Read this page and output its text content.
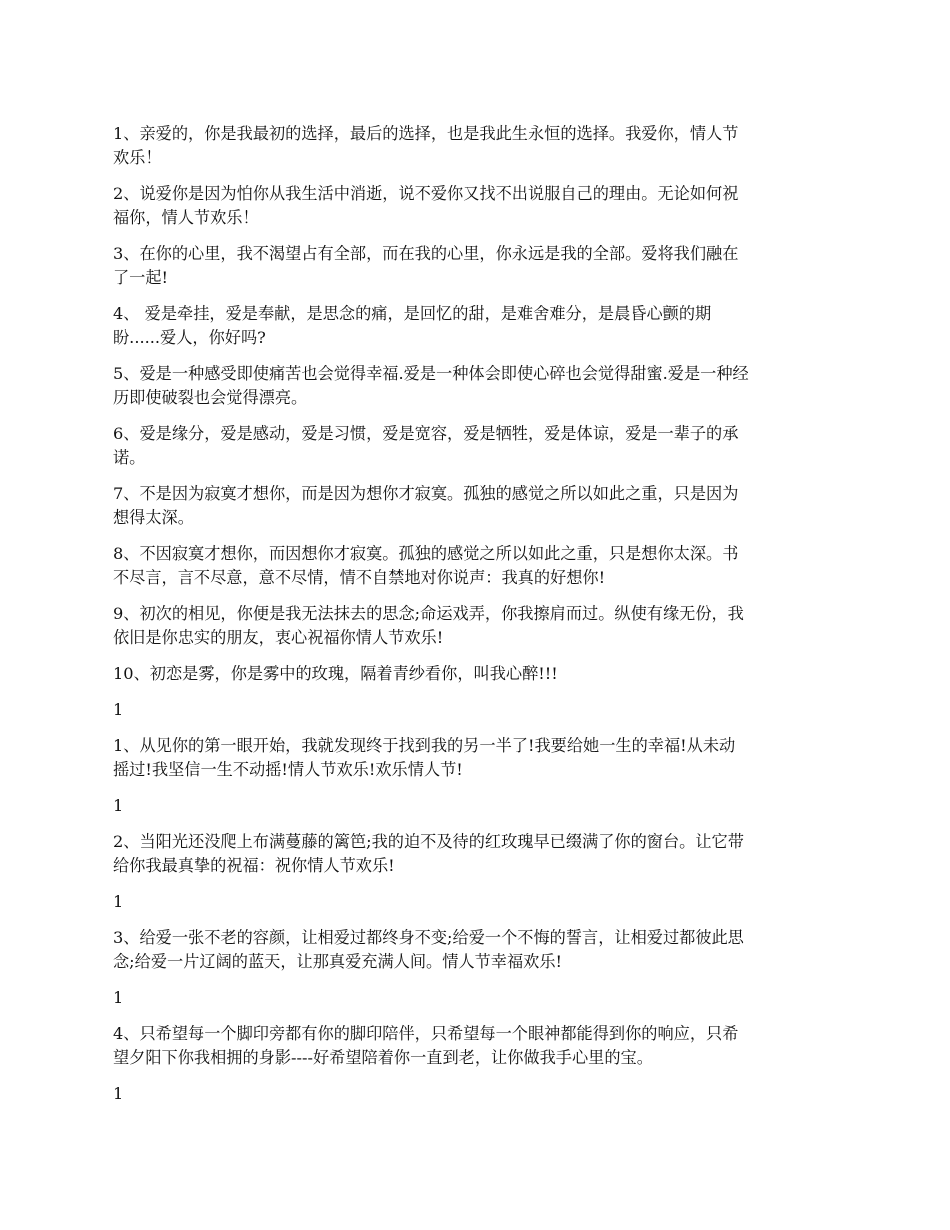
1、亲爱的，你是我最初的选择，最后的选择，也是我此生永恒的选择。我爱你，情人节
欢乐！

2、说爱你是因为怕你从我生活中消逝，说不爱你又找不出说服自己的理由。无论如何祝
福你，情人节欢乐！

3、在你的心里，我不渴望占有全部，而在我的心里，你永远是我的全部。爱将我们融在
了一起!

4、 爱是牵挂，爱是奉献，是思念的痛，是回忆的甜，是难舍难分，是晨昏心颤的期
盼......爱人，你好吗?

5、爱是一种感受即使痛苦也会觉得幸福.爱是一种体会即使心碎也会觉得甜蜜.爱是一种经
历即使破裂也会觉得漂亮。

6、爱是缘分，爱是感动，爱是习惯，爱是宽容，爱是牺牲，爱是体谅，爱是一辈子的承
诺。

7、不是因为寂寞才想你，而是因为想你才寂寞。孤独的感觉之所以如此之重，只是因为
想得太深。

8、不因寂寞才想你，而因想你才寂寞。孤独的感觉之所以如此之重，只是想你太深。书
不尽言，言不尽意，意不尽情，情不自禁地对你说声：我真的好想你!

9、初次的相见，你便是我无法抹去的思念;命运戏弄，你我擦肩而过。纵使有缘无份，我
依旧是你忠实的朋友，衷心祝福你情人节欢乐!

10、初恋是雾，你是雾中的玫瑰，隔着青纱看你，叫我心醉!!!

1

1、从见你的第一眼开始，我就发现终于找到我的另一半了!我要给她一生的幸福!从未动
摇过!我坚信一生不动摇!情人节欢乐!欢乐情人节!

1

2、当阳光还没爬上布满蔓藤的篱笆;我的迫不及待的红玫瑰早已缀满了你的窗台。让它带
给你我最真挚的祝福：祝你情人节欢乐!

1

3、给爱一张不老的容颜，让相爱过都终身不变;给爱一个不悔的誓言，让相爱过都彼此思
念;给爱一片辽阔的蓝天，让那真爱充满人间。情人节幸福欢乐!

1

4、只希望每一个脚印旁都有你的脚印陪伴，只希望每一个眼神都能得到你的响应，只希
望夕阳下你我相拥的身影----好希望陪着你一直到老，让你做我手心里的宝。

1
